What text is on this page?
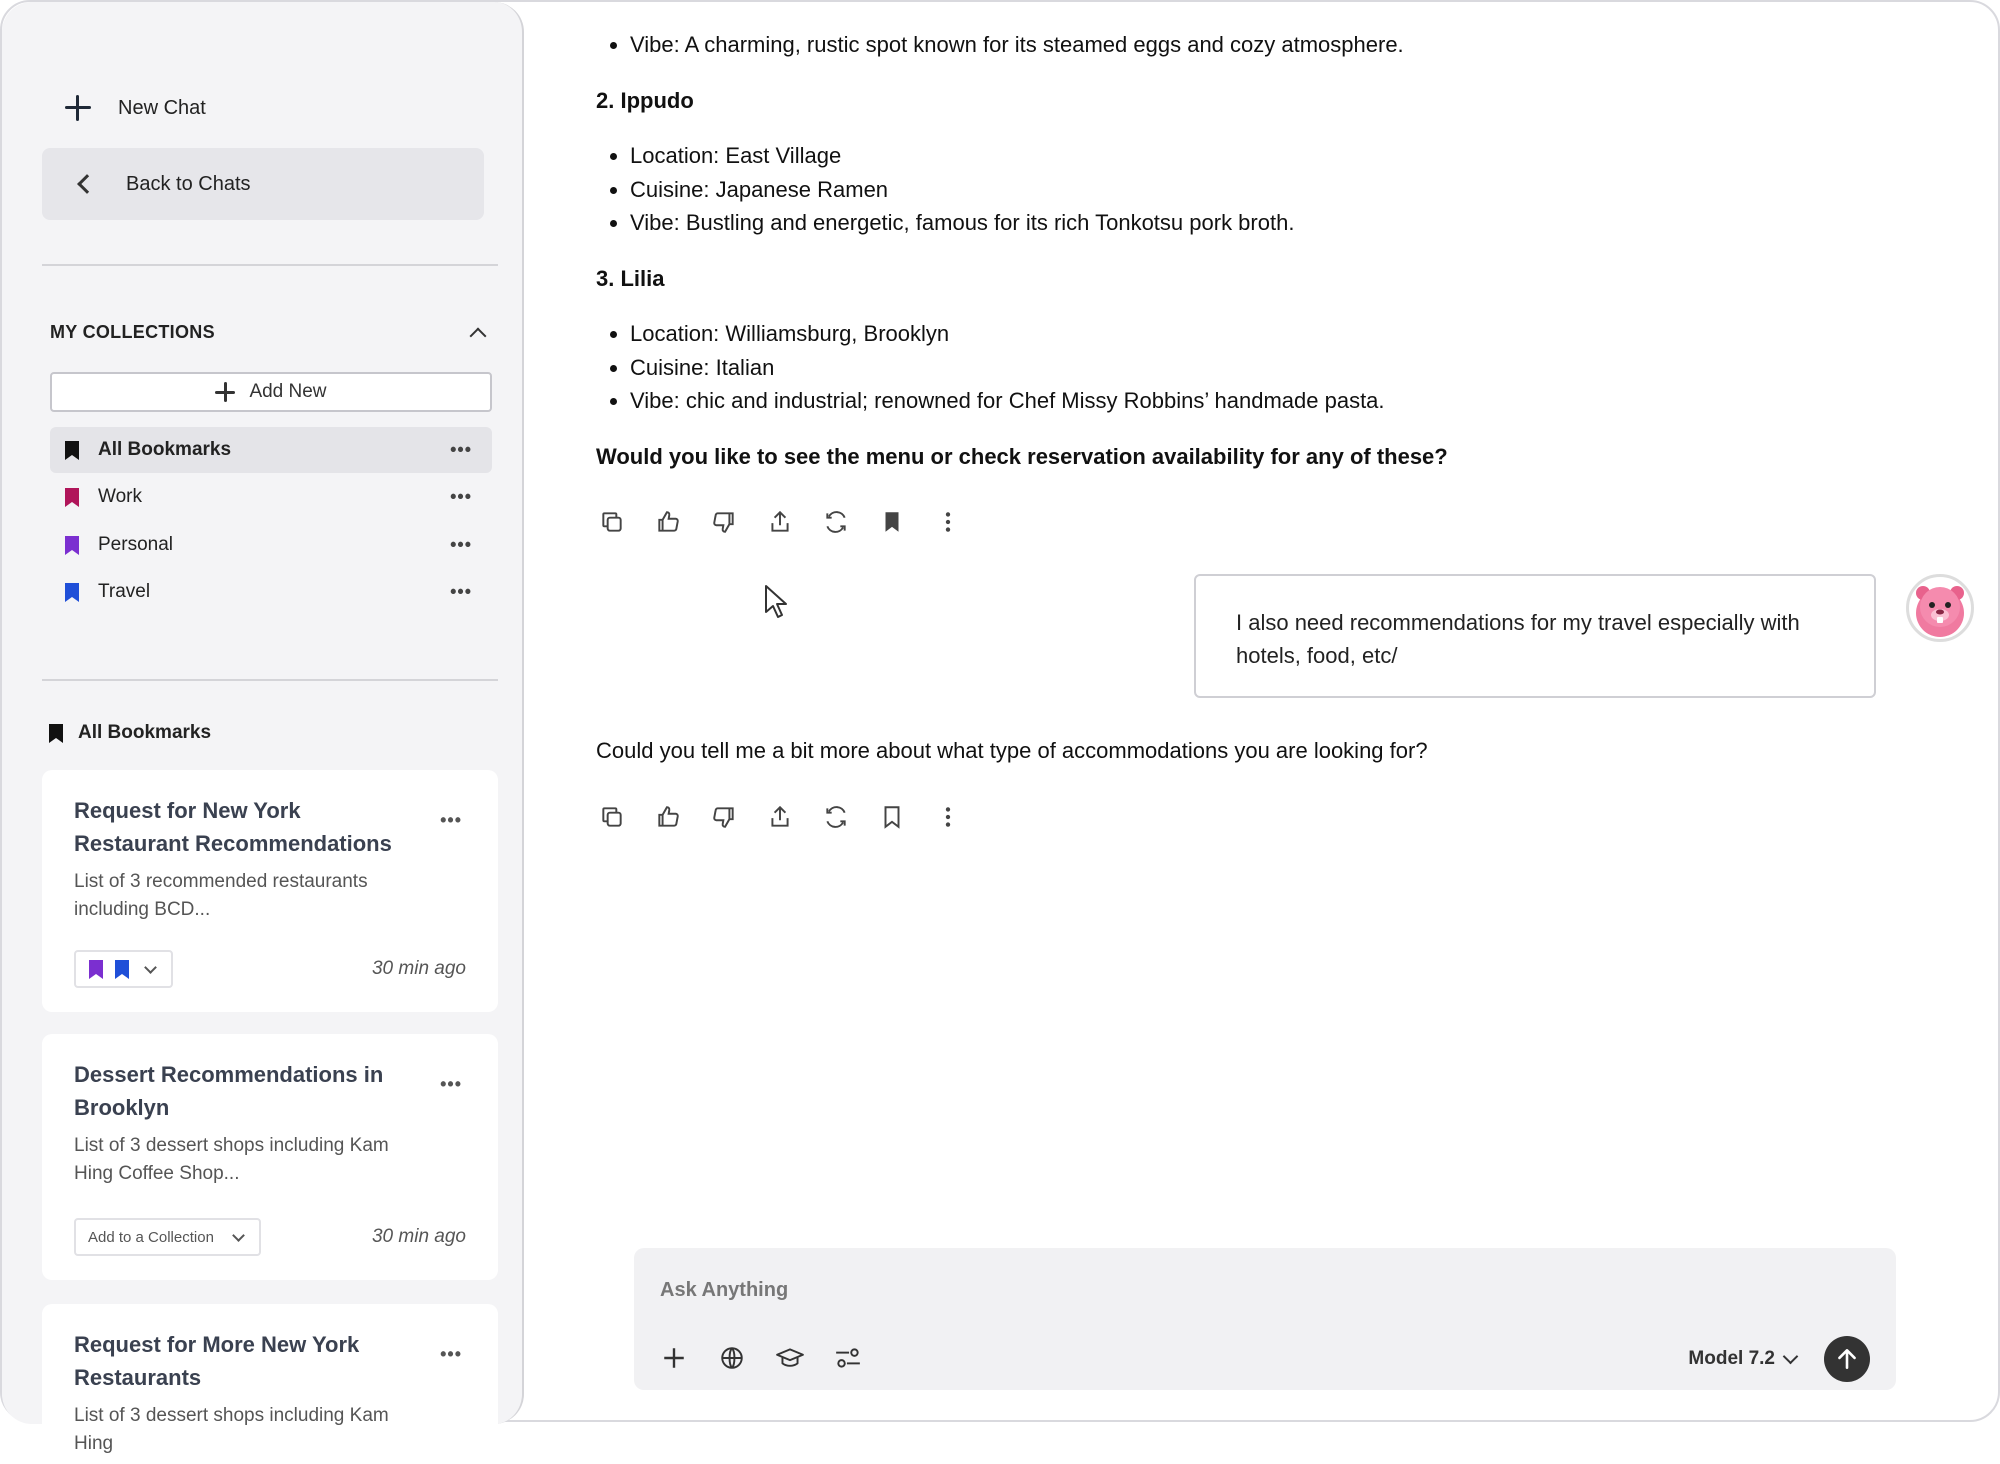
New Chat
Back to Chats
MY COLLECTIONS
Add New
All Bookmarks	•••
Work	•••
Personal	•••
Travel	•••
All Bookmarks
Request for New York Restaurant Recommendations
List of 3 recommended restaurants including BCD...
•••
30 min ago
Dessert Recommendations in Brooklyn
List of 3 dessert shops including Kam Hing Coffee Shop...
•••
Add to a Collection	30 min ago
Request for More New York Restaurants
List of 3 dessert shops including Kam Hing
•••
• Vibe: A charming, rustic spot known for its steamed eggs and cozy atmosphere.
2. Ippudo
• Location: East Village
• Cuisine: Japanese Ramen
• Vibe: Bustling and energetic, famous for its rich Tonkotsu pork broth.
3. Lilia
• Location: Williamsburg, Brooklyn
• Cuisine: Italian
• Vibe: chic and industrial; renowned for Chef Missy Robbins’ handmade pasta.
Would you like to see the menu or check reservation availability for any of these?
I also need recommendations for my travel especially with hotels, food, etc/
Could you tell me a bit more about what type of accommodations you are looking for?
Ask Anything
Model 7.2
